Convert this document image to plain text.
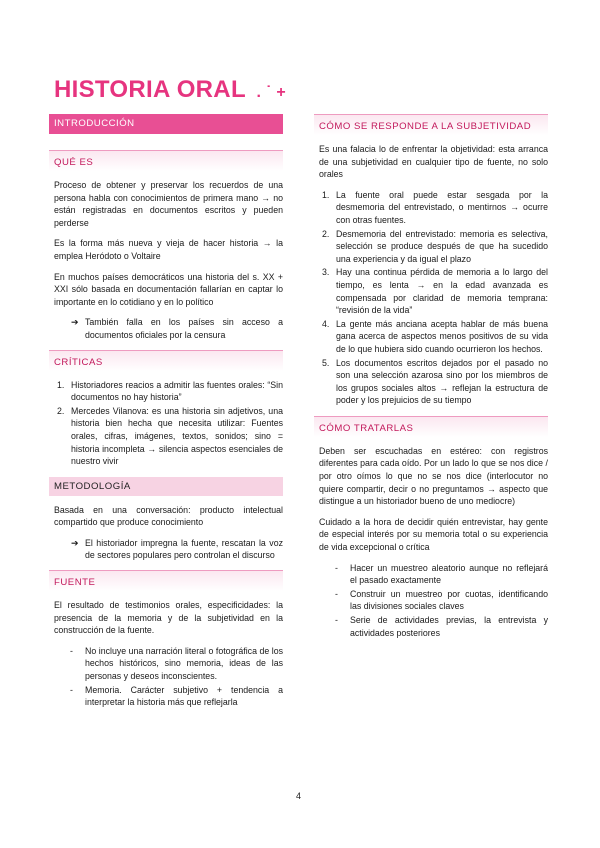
HISTORIA ORAL . ˙ +
INTRODUCCIÓN
QUÉ ES

Proceso de obtener y preservar los recuerdos de una persona habla con conocimientos de primera mano → no están registradas en documentos escritos y pueden perderse

Es la forma más nueva y vieja de hacer historia → la emplea Heródoto o Voltaire

En muchos países democráticos una historia del s. XX + XXI sólo basada en documentación fallarían en captar lo importante en lo cotidiano y en lo político

➔ También falla en los países sin acceso a documentos oficiales por la censura
CRÍTICAS
1. Historiadores reacios a admitir las fuentes orales: “Sin documentos no hay historia”
2. Mercedes Vilanova: es una historia sin adjetivos, una historia bien hecha que necesita utilizar: Fuentes orales, cifras, imágenes, textos, sonidos; sino = historia incompleta → silencia aspectos esenciales de nuestro vivir
METODOLOGÍA

Basada en una conversación: producto intelectual compartido que produce conocimiento

➔ El historiador impregna la fuente, rescatan la voz de sectores populares pero controlan el discurso
FUENTE

El resultado de testimonios orales, especificidades: la presencia de la memoria y de la subjetividad en la construcción de la fuente.

-	No incluye una narración literal o fotográfica de los hechos históricos, sino memoria, ideas de las personas y deseos inconscientes.
-	Memoria. Carácter subjetivo + tendencia a interpretar la historia más que reflejarla
CÓMO SE RESPONDE A LA SUBJETIVIDAD

Es una falacia lo de enfrentar la objetividad: esta arranca de una subjetividad en cualquier tipo de fuente, no solo orales

1. La fuente oral puede estar sesgada por la desmemoria del entrevistado, o mentirnos → ocurre con otras fuentes.
2. Desmemoria del entrevistado: memoria es selectiva, selección se produce después de que ha sucedido una experiencia y da igual el plazo
3. Hay una continua pérdida de memoria a lo largo del tiempo, es lenta → en la edad avanzada es compensada por claridad de memoria temprana: “revisión de la vida”
4. La gente más anciana acepta hablar de más buena gana acerca de aspectos menos positivos de su vida de lo que hubiera sido cuando ocurrieron los hechos.
5. Los documentos escritos dejados por el pasado no son una selección azarosa sino por los miembros de los grupos sociales altos → reflejan la estructura de poder y los prejuicios de su tiempo
CÓMO TRATARLAS

Deben ser escuchadas en estéreo: con registros diferentes para cada oído. Por un lado lo que se nos dice / por otro oímos lo que no se nos dice (interlocutor no quiere compartir, decir o no preguntamos → aspecto que distingue a un historiador bueno de uno mediocre)

Cuidado a la hora de decidir quién entrevistar, hay gente de especial interés por su memoria total o su experiencia de vida excepcional o crítica

-	Hacer un muestreo aleatorio aunque no reflejará el pasado exactamente
-	Construir un muestreo por cuotas, identificando las divisiones sociales claves
-	Serie de actividades previas, la entrevista y actividades posteriores
4
